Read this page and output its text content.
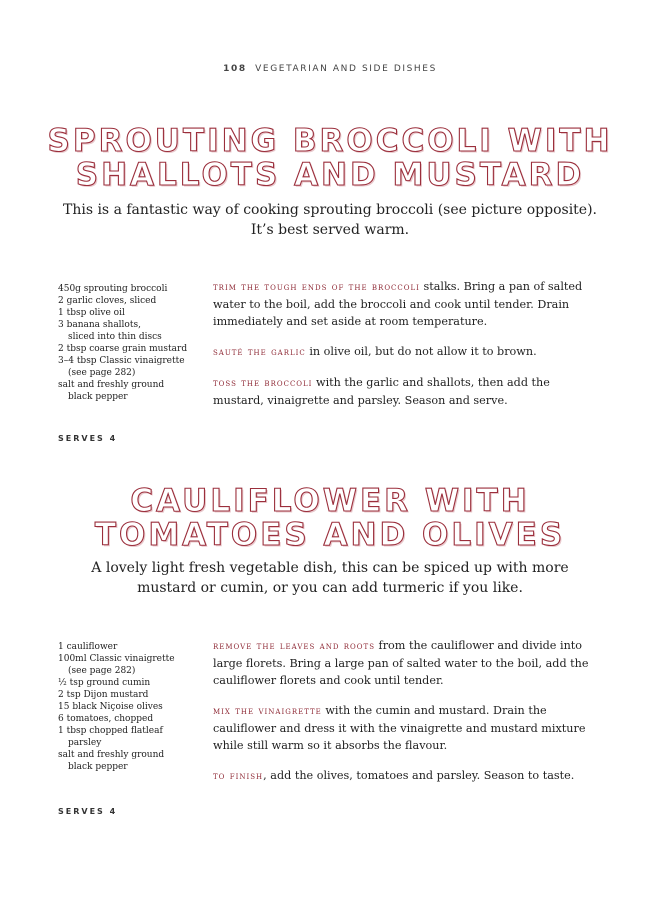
108 VEGETARIAN AND SIDE DISHES
SPROUTING BROCCOLI WITH
SHALLOTS AND MUSTARD

This is a fantastic way of cooking sprouting broccoli (see picture opposite).
It’s best served warm.

450g sprouting broccoli
2 garlic cloves, sliced
1 tbsp olive oil
3 banana shallots,
sliced into thin discs
2 tbsp coarse grain mustard
3–4 tbsp Classic vinaigrette
(see page 282)
salt and freshly ground
black pepper
SERVES 4

trim the tough ends of the broccoli stalks. Bring a pan of salted water to the boil, add the broccoli and cook until tender. Drain immediately and set aside at room temperature.

sauté the garlic in olive oil, but do not allow it to brown.

toss the broccoli with the garlic and shallots, then add the mustard, vinaigrette and parsley. Season and serve.

CAULIFLOWER WITH
TOMATOES AND OLIVES

A lovely light fresh vegetable dish, this can be spiced up with more
mustard or cumin, or you can add turmeric if you like.

1 cauliflower
100ml Classic vinaigrette
(see page 282)
½ tsp ground cumin
2 tsp Dijon mustard
15 black Niçoise olives
6 tomatoes, chopped
1 tbsp chopped flatleaf
parsley
salt and freshly ground
black pepper
SERVES 4

remove the leaves and roots from the cauliflower and divide into large florets. Bring a large pan of salted water to the boil, add the cauliflower florets and cook until tender.

mix the vinaigrette with the cumin and mustard. Drain the cauliflower and dress it with the vinaigrette and mustard mixture while still warm so it absorbs the flavour.

to finish, add the olives, tomatoes and parsley. Season to taste.
